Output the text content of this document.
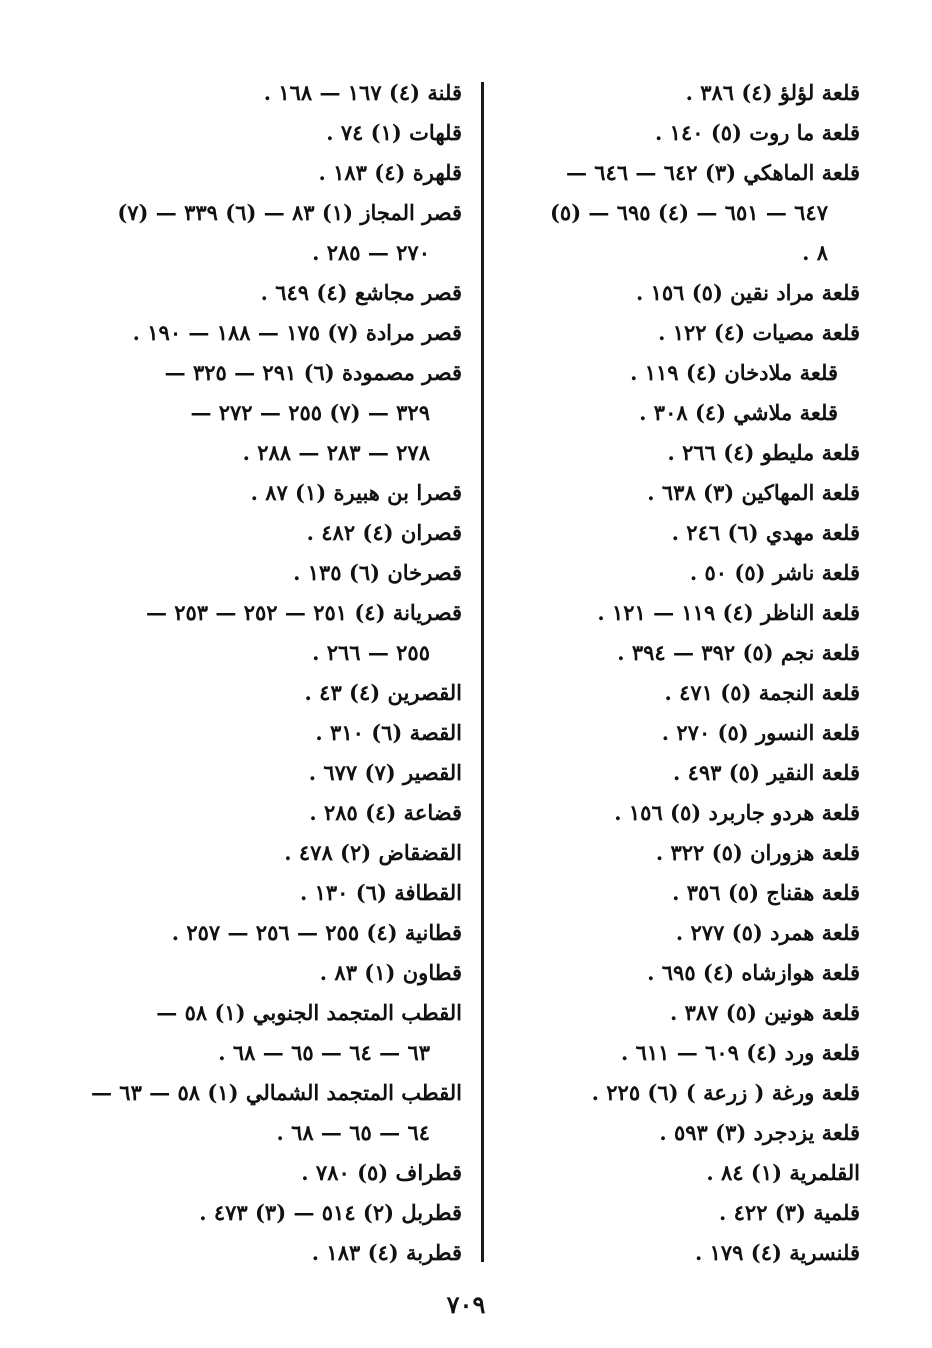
قلعة لؤلؤ (٤) ٣٨٦ .
قلعة ما روت (٥) ١٤٠ .
قلعة الماهكي (٣) ٦٤٢ — ٦٤٦ —
٦٤٧ — ٦٥١ — (٤) ٦٩٥ — (٥)
٨ .
قلعة مراد نقين (٥) ١٥٦ .
قلعة مصيات (٤) ١٢٢ .
قلعة ملادخان (٤) ١١٩ .
قلعة ملاشي (٤) ٣٠٨ .
قلعة مليطو (٤) ٢٦٦ .
قلعة المهاكين (٣) ٦٣٨ .
قلعة مهدي (٦) ٢٤٦ .
قلعة ناشر (٥) ٥٠ .
قلعة الناظر (٤) ١١٩ — ١٢١ .
قلعة نجم (٥) ٣٩٢ — ٣٩٤ .
قلعة النجمة (٥) ٤٧١ .
قلعة النسور (٥) ٢٧٠ .
قلعة النقير (٥) ٤٩٣ .
قلعة هردو جاربرد (٥) ١٥٦ .
قلعة هزوران (٥) ٣٢٢ .
قلعة هقناج (٥) ٣٥٦ .
قلعة همرد (٥) ٢٧٧ .
قلعة هوازشاه (٤) ٦٩٥ .
قلعة هونين (٥) ٣٨٧ .
قلعة ورد (٤) ٦٠٩ — ٦١١ .
قلعة ورغة ( زرعة ) (٦) ٢٢٥ .
قلعة يزدجرد (٣) ٥٩٣ .
القلمرية (١) ٨٤ .
قلمية (٣) ٤٢٢ .
قلنسرية (٤) ١٧٩ .
قلنة (٤) ١٦٧ — ١٦٨ .
قلهات (١) ٧٤ .
قلهرة (٤) ١٨٣ .
قصر المجاز (١) ٨٣ — (٦) ٣٣٩ — (٧)
٢٧٠ — ٢٨٥ .
قصر مجاشع (٤) ٦٤٩ .
قصر مرادة (٧) ١٧٥ — ١٨٨ — ١٩٠ .
قصر مصمودة (٦) ٢٩١ — ٣٢٥ —
٣٢٩ — (٧) ٢٥٥ — ٢٧٢ —
٢٧٨ — ٢٨٣ — ٢٨٨ .
قصرا بن هبيرة (١) ٨٧ .
قصران (٤) ٤٨٢ .
قصرخان (٦) ١٣٥ .
قصريانة (٤) ٢٥١ — ٢٥٢ — ٢٥٣ —
٢٥٥ — ٢٦٦ .
القصرين (٤) ٤٣ .
القصة (٦) ٣١٠ .
القصير (٧) ٦٧٧ .
قضاعة (٤) ٢٨٥ .
القضقاض (٢) ٤٧٨ .
القطافة (٦) ١٣٠ .
قطانية (٤) ٢٥٥ — ٢٥٦ — ٢٥٧ .
قطاون (١) ٨٣ .
القطب المتجمد الجنوبي (١) ٥٨ —
٦٣ — ٦٤ — ٦٥ — ٦٨ .
القطب المتجمد الشمالي (١) ٥٨ — ٦٣ —
٦٤ — ٦٥ — ٦٨ .
قطراف (٥) ٧٨٠ .
قطربل (٢) ٥١٤ — (٣) ٤٧٣ .
قطربة (٤) ١٨٣ .
٧٠٩
